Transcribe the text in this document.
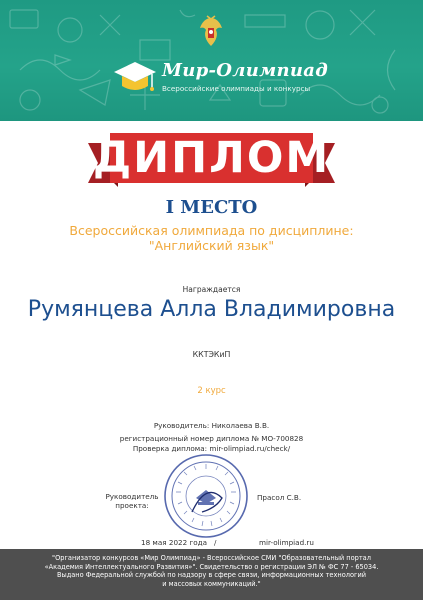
Мир-Олимпиад
Всероссийские олимпиады и конкурсы
ДИПЛОМ
I МЕСТО
Всероссийская олимпиада по дисциплине:
"Английский язык"
Награждается
Румянцева Алла Владимировна
ККТЭКиП
2 курс
Руководитель: Николаева В.В.
регистрационный номер диплома № МО-700828
Проверка диплома: mir-olimpiad.ru/check/
Руководитель
проекта:
Прасол С.В.
18 мая 2022 года /	mir-olimpiad.ru
"Организатор конкурсов «Мир Олимпиад» - Всероссийское СМИ "Образовательный портал
«Академия Интеллектуального Развития»". Свидетельство о регистрации ЭЛ № ФС 77 - 65034.
Выдано Федеральной службой по надзору в сфере связи, информационных технологий
и массовых коммуникаций."
